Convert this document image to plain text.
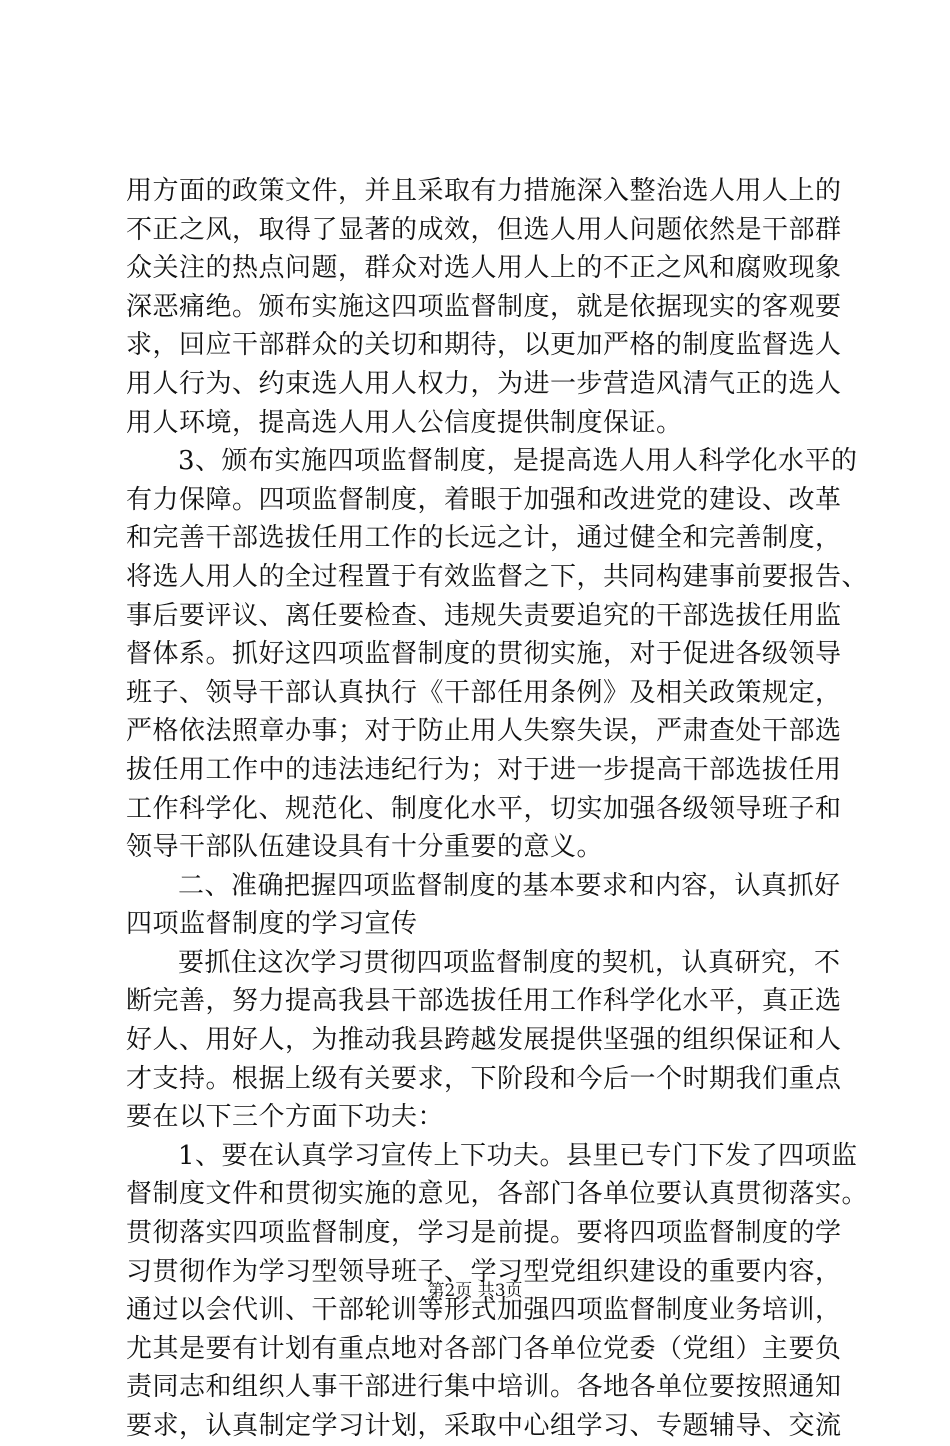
用方面的政策文件，并且采取有力措施深入整治选人用人上的
不正之风，取得了显著的成效，但选人用人问题依然是干部群
众关注的热点问题，群众对选人用人上的不正之风和腐败现象
深恶痛绝。颁布实施这四项监督制度，就是依据现实的客观要
求，回应干部群众的关切和期待，以更加严格的制度监督选人
用人行为、约束选人用人权力，为进一步营造风清气正的选人
用人环境，提高选人用人公信度提供制度保证。
3、颁布实施四项监督制度，是提高选人用人科学化水平的
有力保障。四项监督制度，着眼于加强和改进党的建设、改革
和完善干部选拔任用工作的长远之计，通过健全和完善制度，
将选人用人的全过程置于有效监督之下，共同构建事前要报告、
事后要评议、离任要检查、违规失责要追究的干部选拔任用监
督体系。抓好这四项监督制度的贯彻实施，对于促进各级领导
班子、领导干部认真执行《干部任用条例》及相关政策规定，
严格依法照章办事；对于防止用人失察失误，严肃查处干部选
拔任用工作中的违法违纪行为；对于进一步提高干部选拔任用
工作科学化、规范化、制度化水平，切实加强各级领导班子和
领导干部队伍建设具有十分重要的意义。
二、准确把握四项监督制度的基本要求和内容，认真抓好
四项监督制度的学习宣传
要抓住这次学习贯彻四项监督制度的契机，认真研究，不
断完善，努力提高我县干部选拔任用工作科学化水平，真正选
好人、用好人，为推动我县跨越发展提供坚强的组织保证和人
才支持。根据上级有关要求，下阶段和今后一个时期我们重点
要在以下三个方面下功夫：
1、要在认真学习宣传上下功夫。县里已专门下发了四项监
督制度文件和贯彻实施的意见，各部门各单位要认真贯彻落实。
贯彻落实四项监督制度，学习是前提。要将四项监督制度的学
习贯彻作为学习型领导班子、学习型党组织建设的重要内容，
通过以会代训、干部轮训等形式加强四项监督制度业务培训，
尤其是要有计划有重点地对各部门各单位党委（党组）主要负
责同志和组织人事干部进行集中培训。各地各单位要按照通知
要求，认真制定学习计划，采取中心组学习、专题辅导、交流
第2页 共3页
